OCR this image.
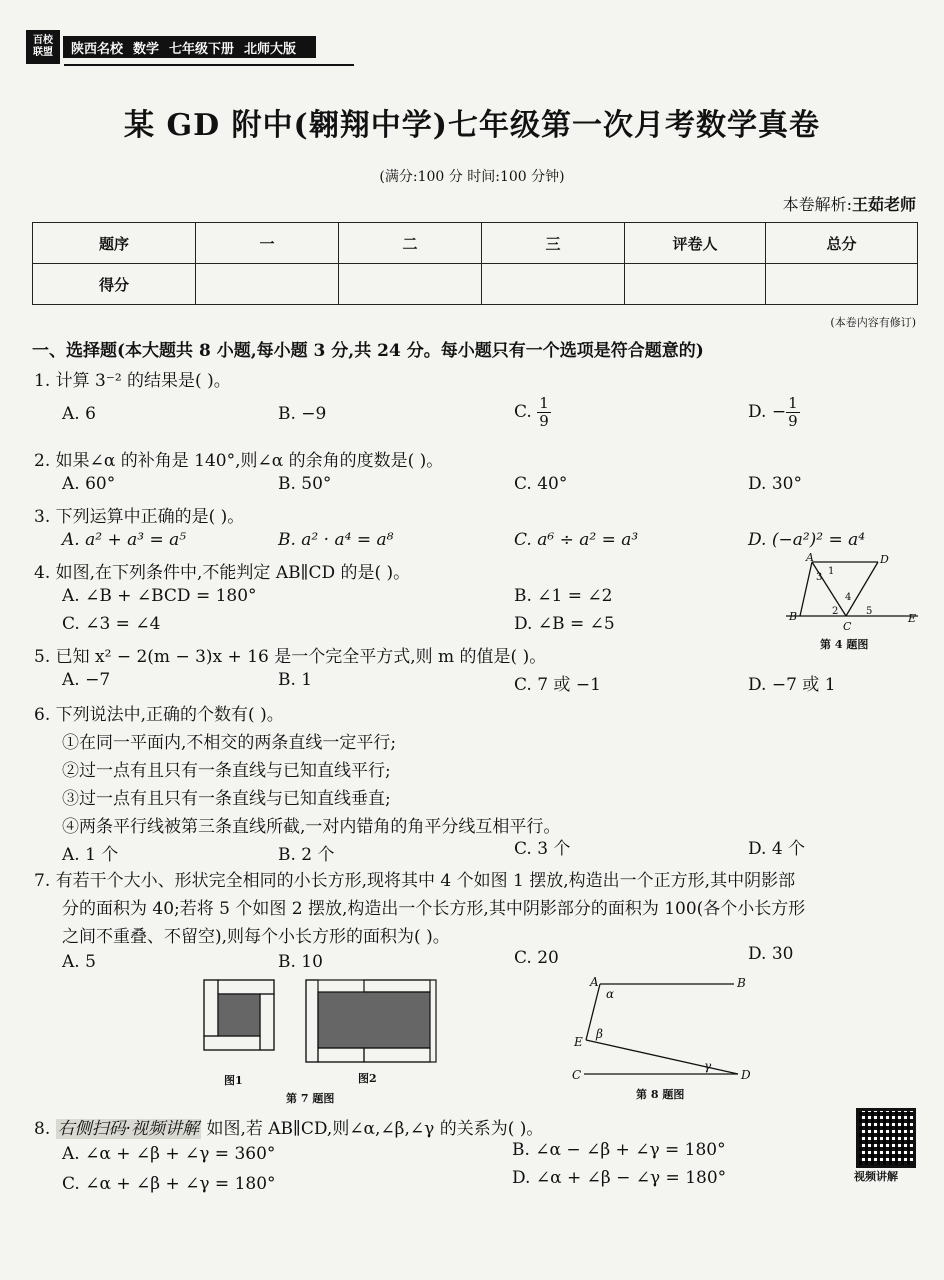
百校
联盟 陕西名校 数学 七年级下册 北师大版
某 GD 附中(翱翔中学)七年级第一次月考数学真卷
(满分:100 分 时间:100 分钟)
本卷解析:王茹老师
题序	一	二	三	评卷人	总分
得分					
(本卷内容有修订)
一、选择题(本大题共 8 小题,每小题 3 分,共 24 分。每小题只有一个选项是符合题意的)
1. 计算 3⁻² 的结果是( )。
A. 6	B. −9	C. $\frac{1}{9}$	D. − $\frac{1}{9}$
2. 如果∠α 的补角是 140°,则∠α 的余角的度数是( )。
A. 60°	B. 50°	C. 40°	D. 30°
3. 下列运算中正确的是( )。
A. a² + a³ = a⁵	B. a² · a⁴ = a⁸	C. a⁶ ÷ a² = a³	D. (−a²)² = a⁴
4. 如图,在下列条件中,不能判定 AB∥CD 的是( )。
A. ∠B + ∠BCD = 180°	B. ∠1 = ∠2
C. ∠3 = ∠4	D. ∠B = ∠5
A	D
B
C
E
1
3
2
4
5
第 4 题图
5. 已知 x² − 2(m − 3)x + 16 是一个完全平方式,则 m 的值是( )。
A. −7	B. 1	C. 7 或 −1	D. −7 或 1
6. 下列说法中,正确的个数有( )。
①在同一平面内,不相交的两条直线一定平行;
②过一点有且只有一条直线与已知直线平行;
③过一点有且只有一条直线与已知直线垂直;
④两条平行线被第三条直线所截,一对内错角的角平分线互相平行。
A. 1 个	B. 2 个	C. 3 个	D. 4 个
7. 有若干个大小、形状完全相同的小长方形,现将其中 4 个如图 1 摆放,构造出一个正方形,其中阴影部
分的面积为 40;若将 5 个如图 2 摆放,构造出一个长方形,其中阴影部分的面积为 100(各个小长方形
之间不重叠、不留空),则每个小长方形的面积为( )。
A. 5	B. 10	C. 20	D. 30
图1	图2
第 7 题图
A	B
E
C	D
α
β
γ
第 8 题图
8. 右侧扫码·视频讲解 如图,若 AB∥CD,则∠α,∠β,∠γ 的关系为( )。
A. ∠α + ∠β + ∠γ = 360°	B. ∠α − ∠β + ∠γ = 180°
C. ∠α + ∠β + ∠γ = 180°	D. ∠α + ∠β − ∠γ = 180°	视频讲解
